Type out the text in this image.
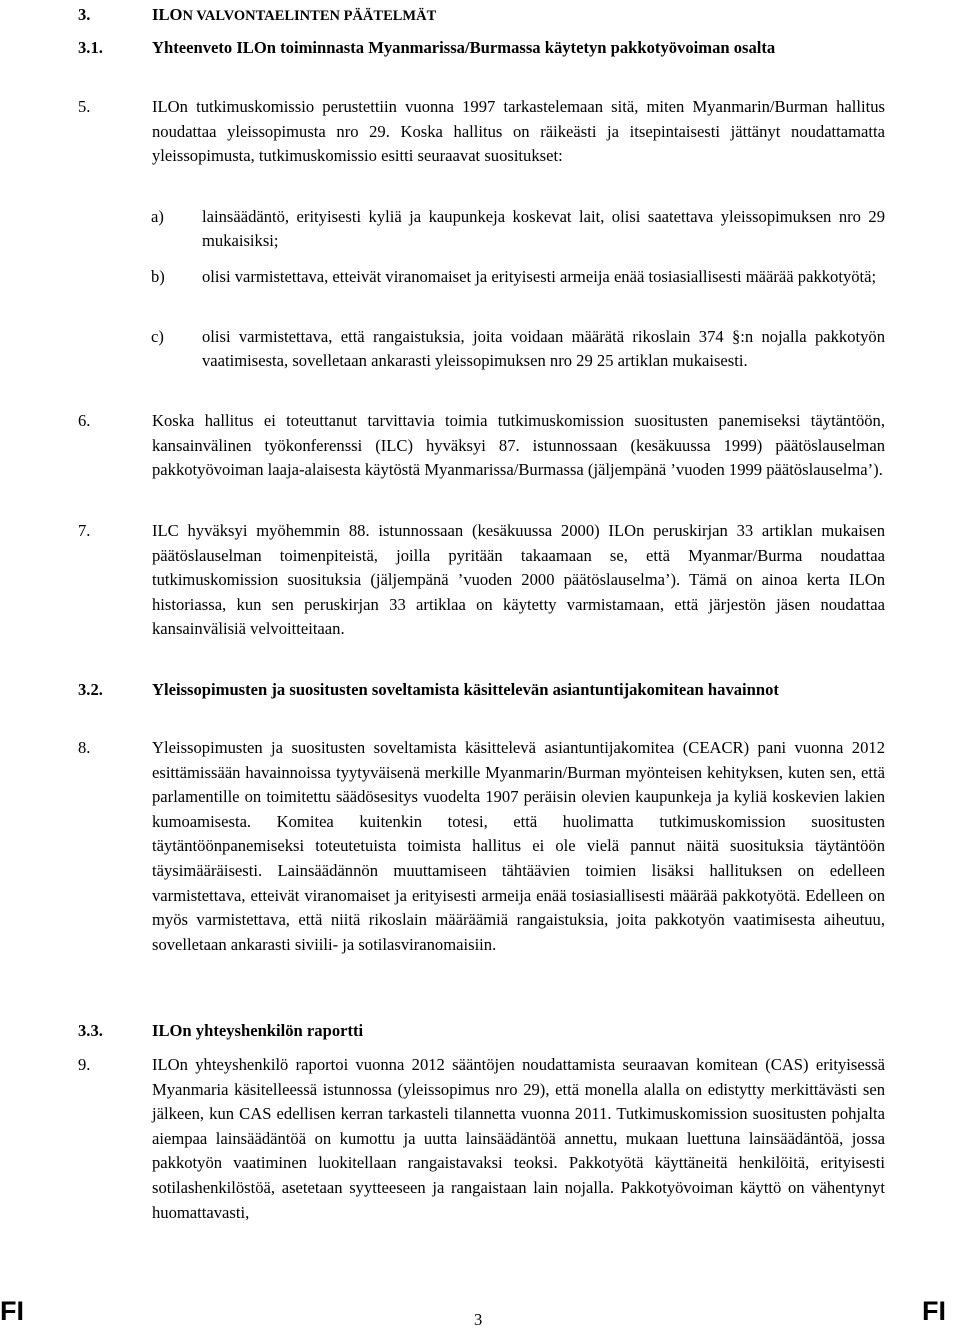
3.	ILON VALVONTAELINTEN PÄÄTELMÄT
3.1.	Yhteenveto ILOn toiminnasta Myanmarissa/Burmassa käytetyn pakkotyövoiman osalta
5.	ILOn tutkimuskomissio perustettiin vuonna 1997 tarkastelemaan sitä, miten Myanmarin/Burman hallitus noudattaa yleissopimusta nro 29. Koska hallitus on räikeästi ja itsepintaisesti jättänyt noudattamatta yleissopimusta, tutkimuskomissio esitti seuraavat suositukset:
a) lainsäädäntö, erityisesti kyliä ja kaupunkeja koskevat lait, olisi saatettava yleissopimuksen nro 29 mukaisiksi;
b) olisi varmistettava, etteivät viranomaiset ja erityisesti armeija enää tosiasiallisesti määrää pakkotyötä;
c) olisi varmistettava, että rangaistuksia, joita voidaan määrätä rikoslain 374 §:n nojalla pakkotyön vaatimisesta, sovelletaan ankarasti yleissopimuksen nro 29 25 artiklan mukaisesti.
6.	Koska hallitus ei toteuttanut tarvittavia toimia tutkimuskomission suositusten panemiseksi täytäntöön, kansainvälinen työkonferenssi (ILC) hyväksyi 87. istunnossaan (kesäkuussa 1999) päätöslauselman pakkotyövoiman laaja-alaisesta käytöstä Myanmarissa/Burmassa (jäljempänä ’vuoden 1999 päätöslauselma’).
7.	ILC hyväksyi myöhemmin 88. istunnossaan (kesäkuussa 2000) ILOn peruskirjan 33 artiklan mukaisen päätöslauselman toimenpiteistä, joilla pyritään takaamaan se, että Myanmar/Burma noudattaa tutkimuskomission suosituksia (jäljempänä ’vuoden 2000 päätöslauselma’). Tämä on ainoa kerta ILOn historiassa, kun sen peruskirjan 33 artiklaa on käytetty varmistamaan, että järjestön jäsen noudattaa kansainvälisiä velvoitteitaan.
3.2.	Yleissopimusten ja suositusten soveltamista käsittelevän asiantuntijakomitean havainnot
8.	Yleissopimusten ja suositusten soveltamista käsittelevä asiantuntijakomitea (CEACR) pani vuonna 2012 esittämissään havainnoissa tyytyväisenä merkille Myanmarin/Burman myönteisen kehityksen, kuten sen, että parlamentille on toimitettu säädösesitys vuodelta 1907 peräisin olevien kaupunkeja ja kyliä koskevien lakien kumoamisesta. Komitea kuitenkin totesi, että huolimatta tutkimuskomission suositusten täytäntöönpanemiseksi toteutetuista toimista hallitus ei ole vielä pannut näitä suosituksia täytäntöön täysimääräisesti. Lainsäädännön muuttamiseen tähtäävien toimien lisäksi hallituksen on edelleen varmistettava, etteivät viranomaiset ja erityisesti armeija enää tosiasiallisesti määrää pakkotyötä. Edelleen on myös varmistettava, että niitä rikoslain määräämiä rangaistuksia, joita pakkotyön vaatimisesta aiheutuu, sovelletaan ankarasti siviili- ja sotilasviranomaisiin.
3.3.	ILOn yhteyshenkilön raportti
9.	ILOn yhteyshenkilö raportoi vuonna 2012 sääntöjen noudattamista seuraavan komitean (CAS) erityisessä Myanmaria käsitelleessä istunnossa (yleissopimus nro 29), että monella alalla on edistytty merkittävästi sen jälkeen, kun CAS edellisen kerran tarkasteli tilannetta vuonna 2011. Tutkimuskomission suositusten pohjalta aiempaa lainsäädäntöä on kumottu ja uutta lainsäädäntöä annettu, mukaan luettuna lainsäädäntöä, jossa pakkotyön vaatiminen luokitellaan rangaistavaksi teoksi. Pakkotyötä käyttäneitä henkilöitä, erityisesti sotilashenkilöstöä, asetetaan syytteeseen ja rangaistaan lain nojalla. Pakkotyövoiman käyttö on vähentynyt huomattavasti,
FI	3	FI
